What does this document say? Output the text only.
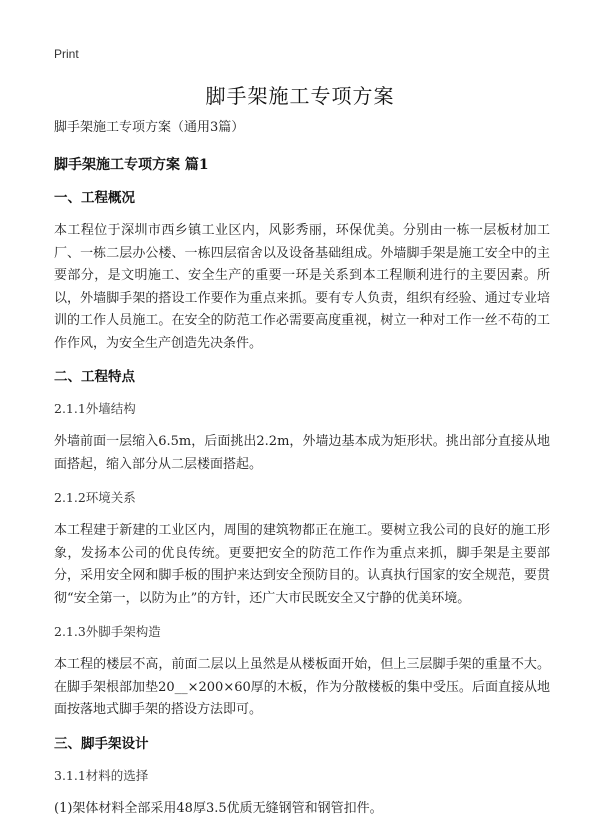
Print
脚手架施工专项方案

脚手架施工专项方案（通用3篇）

脚手架施工专项方案 篇1

一、工程概况

本工程位于深圳市西乡镇工业区内，风影秀丽，环保优美。分别由一栋一层板材加工厂、一栋二层办公楼、一栋四层宿舍以及设备基础组成。外墙脚手架是施工安全中的主要部分，是文明施工、安全生产的重要一环是关系到本工程顺利进行的主要因素。所以，外墙脚手架的搭设工作要作为重点来抓。要有专人负责，组织有经验、通过专业培训的工作人员施工。在安全的防范工作必需要高度重视，树立一种对工作一丝不苟的工作作风，为安全生产创造先决条件。

二、工程特点

2.1.1外墙结构

外墙前面一层缩入6.5m，后面挑出2.2m，外墙边基本成为矩形状。挑出部分直接从地面搭起，缩入部分从二层楼面搭起。

2.1.2环境关系

本工程建于新建的工业区内，周围的建筑物都正在施工。要树立我公司的良好的施工形象，发扬本公司的优良传统。更要把安全的防范工作作为重点来抓，脚手架是主要部分，采用安全网和脚手板的围护来达到安全预防目的。认真执行国家的安全规范，要贯彻“安全第一，以防为止”的方针，还广大市民既安全又宁静的优美环境。

2.1.3外脚手架构造

本工程的楼层不高，前面二层以上虽然是从楼板面开始，但上三层脚手架的重量不大。在脚手架根部加垫20__×200×60厚的木板，作为分散楼板的集中受压。后面直接从地面按落地式脚手架的搭设方法即可。

三、脚手架设计

3.1.1材料的选择

(1)架体材料全部采用48厚3.5优质无缝钢管和钢管扣件。
